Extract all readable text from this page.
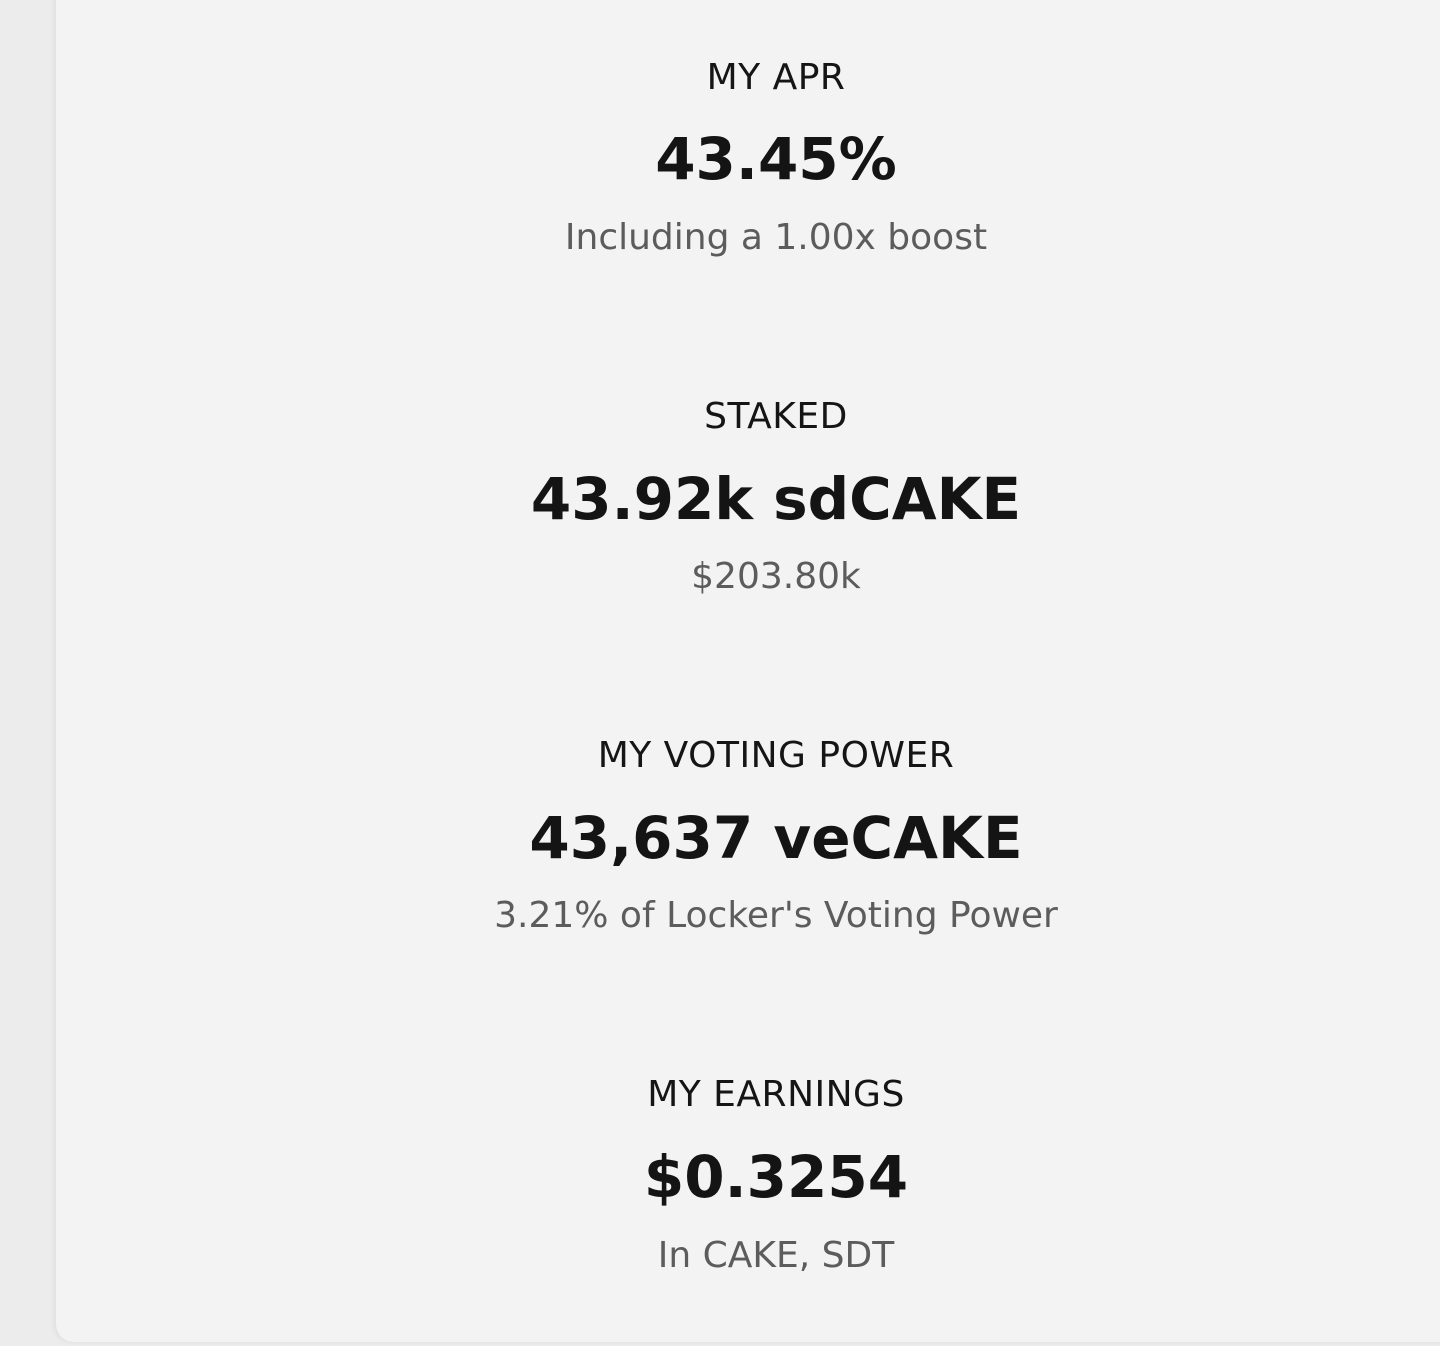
MY APR
43.45%
Including a 1.00x boost
STAKED
43.92k sdCAKE
$203.80k
MY VOTING POWER
43,637 veCAKE
3.21% of Locker's Voting Power
MY EARNINGS
$0.3254
In CAKE, SDT
